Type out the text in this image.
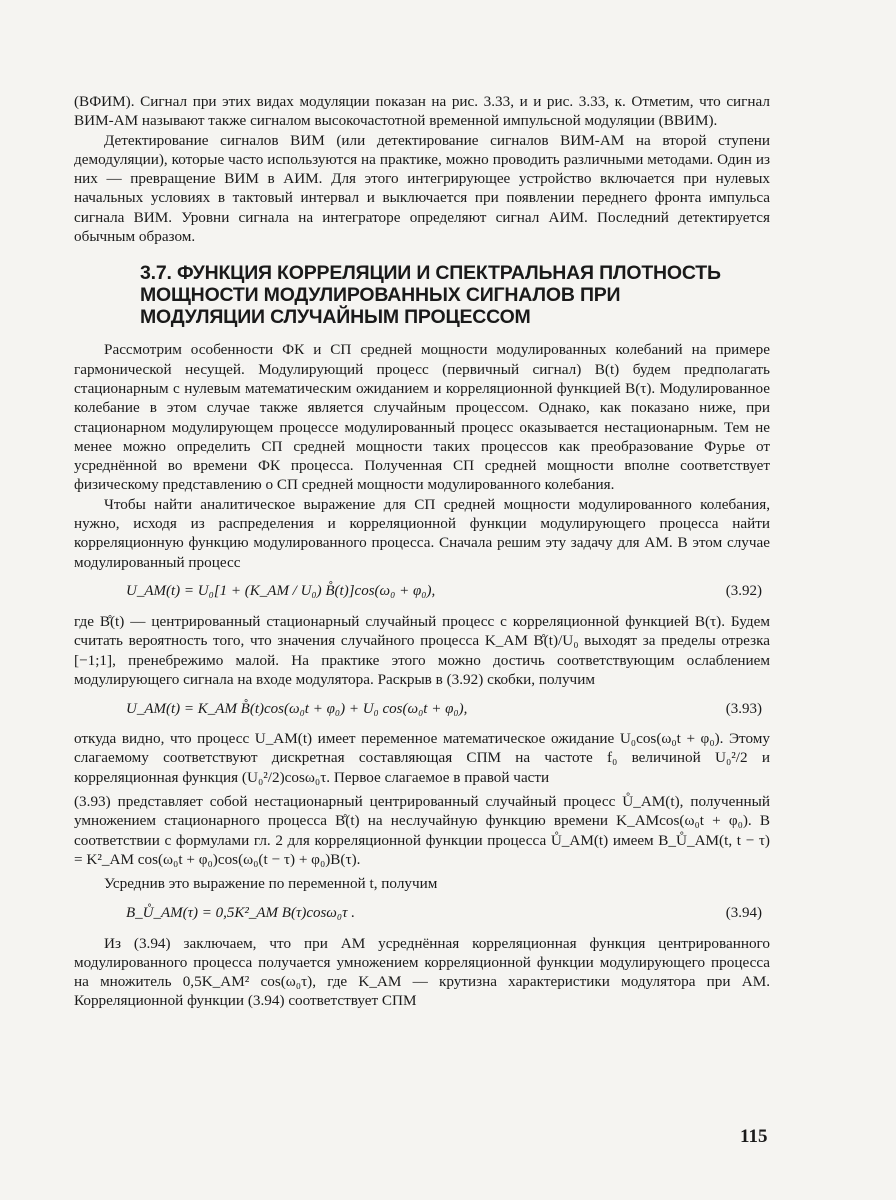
(ВФИМ). Сигнал при этих видах модуляции показан на рис. 3.33, и и рис. 3.33, к. Отметим, что сигнал ВИМ-АМ называют также сигналом высокочастотной временной импульсной модуляции (ВВИМ).

Детектирование сигналов ВИМ (или детектирование сигналов ВИМ-АМ на второй ступени демодуляции), которые часто используются на практике, можно проводить различными методами. Один из них — превращение ВИМ в АИМ. Для этого интегрирующее устройство включается при нулевых начальных условиях в тактовый интервал и выключается при появлении переднего фронта импульса сигнала ВИМ. Уровни сигнала на интеграторе определяют сигнал АИМ. Последний детектируется обычным образом.

3.7. ФУНКЦИЯ КОРРЕЛЯЦИИ И СПЕКТРАЛЬНАЯ ПЛОТНОСТЬ
МОЩНОСТИ МОДУЛИРОВАННЫХ СИГНАЛОВ ПРИ
МОДУЛЯЦИИ СЛУЧАЙНЫМ ПРОЦЕССОМ

Рассмотрим особенности ФК и СП средней мощности модулированных колебаний на примере гармонической несущей. Модулирующий процесс (первичный сигнал) B(t) будем предполагать стационарным с нулевым математическим ожиданием и корреляционной функцией B(τ). Модулированное колебание в этом случае также является случайным процессом. Однако, как показано ниже, при стационарном модулирующем процессе модулированный процесс оказывается нестационарным. Тем не менее можно определить СП средней мощности таких процессов как преобразование Фурье от усреднённой во времени ФК процесса. Полученная СП средней мощности вполне соответствует физическому представлению о СП средней мощности модулированного колебания.

Чтобы найти аналитическое выражение для СП средней мощности модулированного колебания, нужно, исходя из распределения и корреляционной функции модулирующего процесса найти корреляционную функцию модулированного процесса. Сначала решим эту задачу для АМ. В этом случае модулированный процесс

U_AM(t) = U₀[1 + (K_AM / U₀) B̊(t)]cos(ω₀ + φ₀),	(3.92)

где B̊(t) — центрированный стационарный случайный процесс с корреляционной функцией B(τ). Будем считать вероятность того, что значения случайного процесса K_AM B̊(t)/U₀ выходят за пределы отрезка [−1;1], пренебрежимо малой. На практике этого можно достичь соответствующим ослаблением модулирующего сигнала на входе модулятора. Раскрыв в (3.92) скобки, получим

U_AM(t) = K_AM B̊(t)cos(ω₀t + φ₀) + U₀ cos(ω₀t + φ₀),	(3.93)

откуда видно, что процесс U_AM(t) имеет переменное математическое ожидание U₀cos(ω₀t + φ₀). Этому слагаемому соответствуют дискретная составляющая СПМ на частоте f₀ величиной U₀²/2 и корреляционная функция (U₀²/2)cosω₀τ. Первое слагаемое в правой части

(3.93) представляет собой нестационарный центрированный случайный процесс Ů_AM(t), полученный умножением стационарного процесса B̊(t) на неслучайную функцию времени K_AMcos(ω₀t + φ₀). В соответствии с формулами гл. 2 для корреляционной функции процесса Ů_AM(t) имеем B_Ů_AM(t, t − τ) = K²_AM cos(ω₀t + φ₀)cos(ω₀(t − τ) + φ₀)B(τ).

Усреднив это выражение по переменной t, получим

B_Ů_AM(τ) = 0,5K²_AM B(τ)cosω₀τ .	(3.94)

Из (3.94) заключаем, что при АМ усреднённая корреляционная функция центрированного модулированного процесса получается умножением корреляционной функции модулирующего процесса на множитель 0,5K_AM² cos(ω₀τ), где K_AM — крутизна характеристики модулятора при АМ. Корреляционной функции (3.94) соответствует СПМ

115
